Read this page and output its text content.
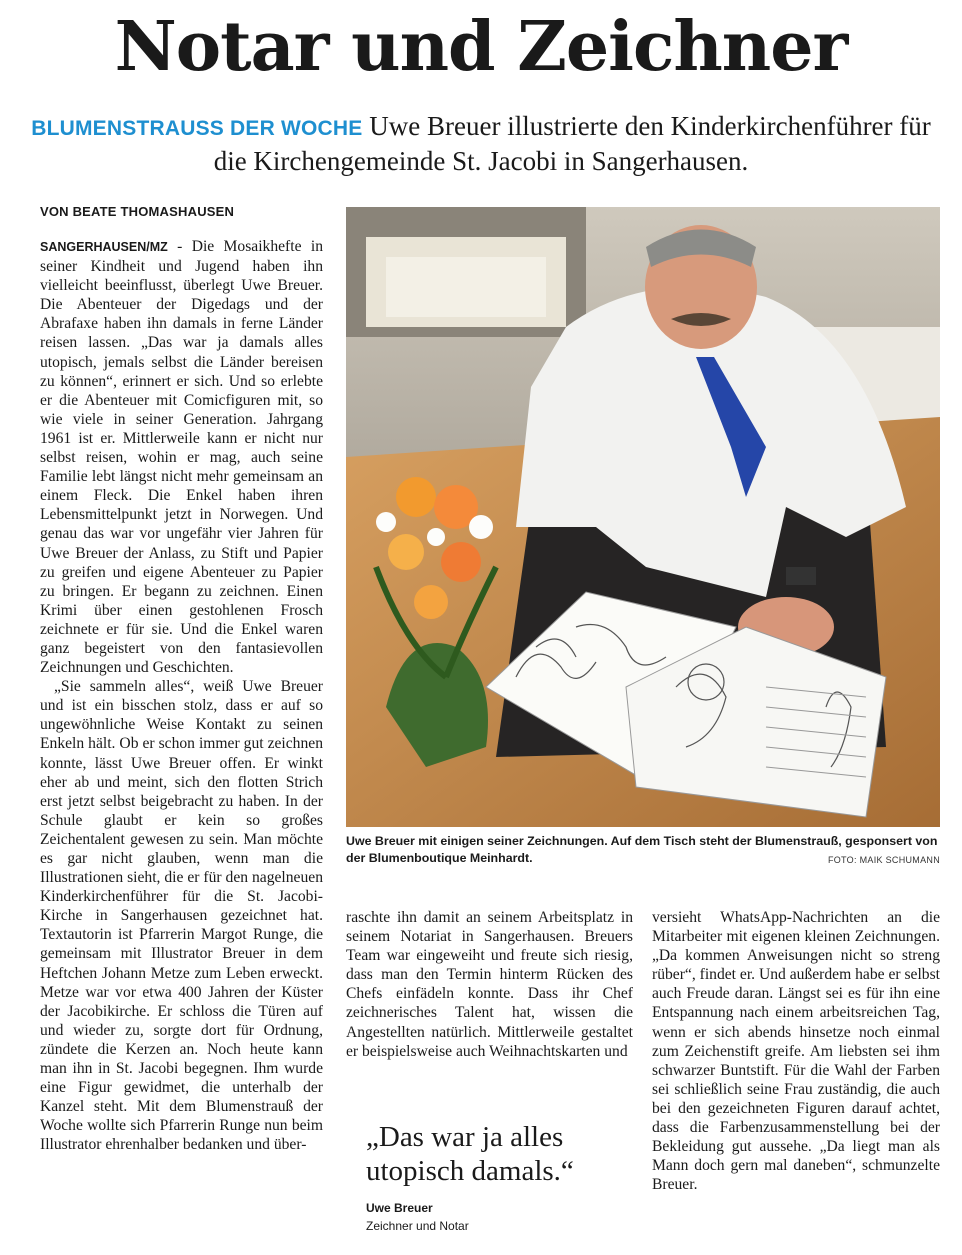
Notar und Zeichner
BLUMENSTRAUSS DER WOCHE Uwe Breuer illustrierte den Kinderkirchenführer für die Kirchengemeinde St. Jacobi in Sangerhausen.
VON BEATE THOMASHAUSEN

SANGERHAUSEN/MZ - Die Mosaikhefte in seiner Kindheit und Jugend haben ihn vielleicht beeinflusst, überlegt Uwe Breuer. Die Abenteuer der Digedags und der Abrafaxe haben ihn damals in ferne Länder reisen lassen. „Das war ja damals alles utopisch, jemals selbst die Länder bereisen zu können“, erinnert er sich. Und so erlebte er die Abenteuer mit Comicfiguren mit, so wie viele in seiner Generation. Jahrgang 1961 ist er. Mittlerweile kann er nicht nur selbst reisen, wohin er mag, auch seine Familie lebt längst nicht mehr gemeinsam an einem Fleck. Die Enkel haben ihren Lebensmittelpunkt jetzt in Norwegen. Und genau das war vor ungefähr vier Jahren für Uwe Breuer der Anlass, zu Stift und Papier zu greifen und eigene Abenteuer zu Papier zu bringen. Er begann zu zeichnen. Einen Krimi über einen gestohlenen Frosch zeichnete er für sie. Und die Enkel waren ganz begeistert von den fantasievollen Zeichnungen und Geschichten.

„Sie sammeln alles“, weiß Uwe Breuer und ist ein bisschen stolz, dass er auf so ungewöhnliche Weise Kontakt zu seinen Enkeln hält. Ob er schon immer gut zeichnen konnte, lässt Uwe Breuer offen. Er winkt eher ab und meint, sich den flotten Strich erst jetzt selbst beigebracht zu haben. In der Schule glaubt er kein so großes Zeichentalent gewesen zu sein. Man möchte es gar nicht glauben, wenn man die Illustrationen sieht, die er für den nagelneuen Kinderkirchenführer für die St. Jacobi-Kirche in Sangerhausen gezeichnet hat. Textautorin ist Pfarrerin Margot Runge, die gemeinsam mit Illustrator Breuer in dem Heftchen Johann Metze zum Leben erweckt. Metze war vor etwa 400 Jahren der Küster der Jacobikirche. Er schloss die Türen auf und wieder zu, sorgte dort für Ordnung, zündete die Kerzen an. Noch heute kann man ihn in St. Jacobi begegnen. Ihm wurde eine Figur gewidmet, die unterhalb der Kanzel steht. Mit dem Blumenstrauß der Woche wollte sich Pfarrerin Runge nun beim Illustrator ehrenhalber bedanken und über-

Uwe Breuer mit einigen seiner Zeichnungen. Auf dem Tisch steht der Blumenstrauß, gesponsert von der Blumenboutique Meinhardt.	FOTO: MAIK SCHUMANN

raschte ihn damit an seinem Arbeitsplatz in seinem Notariat in Sangerhausen. Breuers Team war eingeweiht und freute sich riesig, dass man den Termin hinterm Rücken des Chefs einfädeln konnte. Dass ihr Chef zeichnerisches Talent hat, wissen die Angestellten natürlich. Mittlerweile gestaltet er beispielsweise auch Weihnachtskarten und

„Das war ja alles utopisch damals.“
Uwe Breuer
Zeichner und Notar

versieht WhatsApp-Nachrichten an die Mitarbeiter mit eigenen kleinen Zeichnungen. „Da kommen Anweisungen nicht so streng rüber“, findet er. Und außerdem habe er selbst auch Freude daran. Längst sei es für ihn eine Entspannung nach einem arbeitsreichen Tag, wenn er sich abends hinsetze noch einmal zum Zeichenstift greife. Am liebsten sei ihm schwarzer Buntstift. Für die Wahl der Farben sei schließlich seine Frau zuständig, die auch bei den gezeichneten Figuren darauf achtet, dass die Farbenzusammenstellung bei der Bekleidung gut aussehe. „Da liegt man als Mann doch gern mal daneben“, schmunzelte Breuer.
